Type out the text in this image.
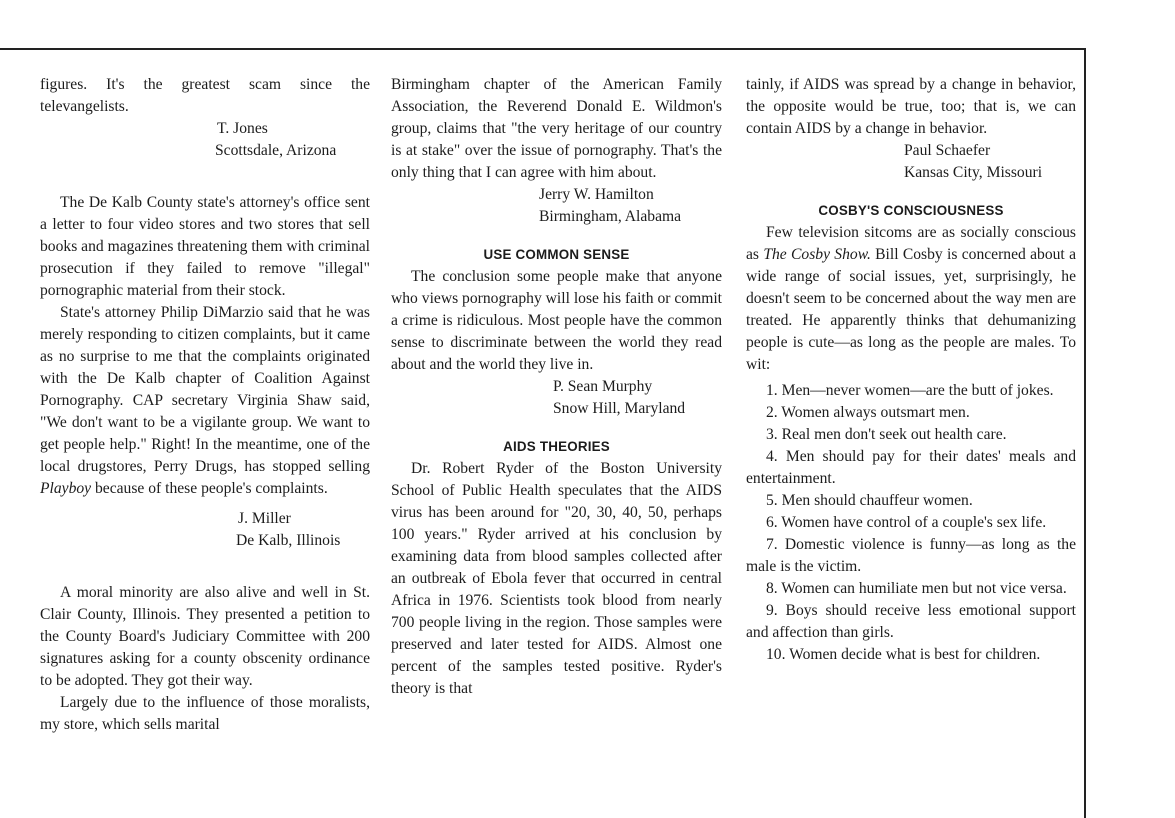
figures. It's the greatest scam since the televangelists.

T. Jones
Scottsdale, Arizona

The De Kalb County state's attorney's office sent a letter to four video stores and two stores that sell books and magazines threatening them with criminal prosecution if they failed to remove "illegal" pornographic material from their stock.

State's attorney Philip DiMarzio said that he was merely responding to citizen complaints, but it came as no surprise to me that the complaints originated with the De Kalb chapter of Coalition Against Pornography. CAP secretary Virginia Shaw said, "We don't want to be a vigilante group. We want to get people help." Right! In the meantime, one of the local drugstores, Perry Drugs, has stopped selling Playboy because of these people's complaints.

J. Miller
De Kalb, Illinois

A moral minority are also alive and well in St. Clair County, Illinois. They presented a petition to the County Board's Judiciary Committee with 200 signatures asking for a county obscenity ordinance to be adopted. They got their way.

Largely due to the influence of those moralists, my store, which sells marital

Birmingham chapter of the American Family Association, the Reverend Donald E. Wildmon's group, claims that "the very heritage of our country is at stake" over the issue of pornography. That's the only thing that I can agree with him about.

Jerry W. Hamilton
Birmingham, Alabama
USE COMMON SENSE

The conclusion some people make that anyone who views pornography will lose his faith or commit a crime is ridiculous. Most people have the common sense to discriminate between the world they read about and the world they live in.

P. Sean Murphy
Snow Hill, Maryland
AIDS THEORIES

Dr. Robert Ryder of the Boston University School of Public Health speculates that the AIDS virus has been around for "20, 30, 40, 50, perhaps 100 years." Ryder arrived at his conclusion by examining data from blood samples collected after an outbreak of Ebola fever that occurred in central Africa in 1976. Scientists took blood from nearly 700 people living in the region. Those samples were preserved and later tested for AIDS. Almost one percent of the samples tested positive. Ryder's theory is that

tainly, if AIDS was spread by a change in behavior, the opposite would be true, too; that is, we can contain AIDS by a change in behavior.

Paul Schaefer
Kansas City, Missouri
COSBY'S CONSCIOUSNESS

Few television sitcoms are as socially conscious as The Cosby Show. Bill Cosby is concerned about a wide range of social issues, yet, surprisingly, he doesn't seem to be concerned about the way men are treated. He apparently thinks that dehumanizing people is cute—as long as the people are males. To wit:

1. Men—never women—are the butt of jokes.

2. Women always outsmart men.

3. Real men don't seek out health care.

4. Men should pay for their dates' meals and entertainment.

5. Men should chauffeur women.

6. Women have control of a couple's sex life.

7. Domestic violence is funny—as long as the male is the victim.

8. Women can humiliate men but not vice versa.

9. Boys should receive less emotional support and affection than girls.

10. Women decide what is best for children.
